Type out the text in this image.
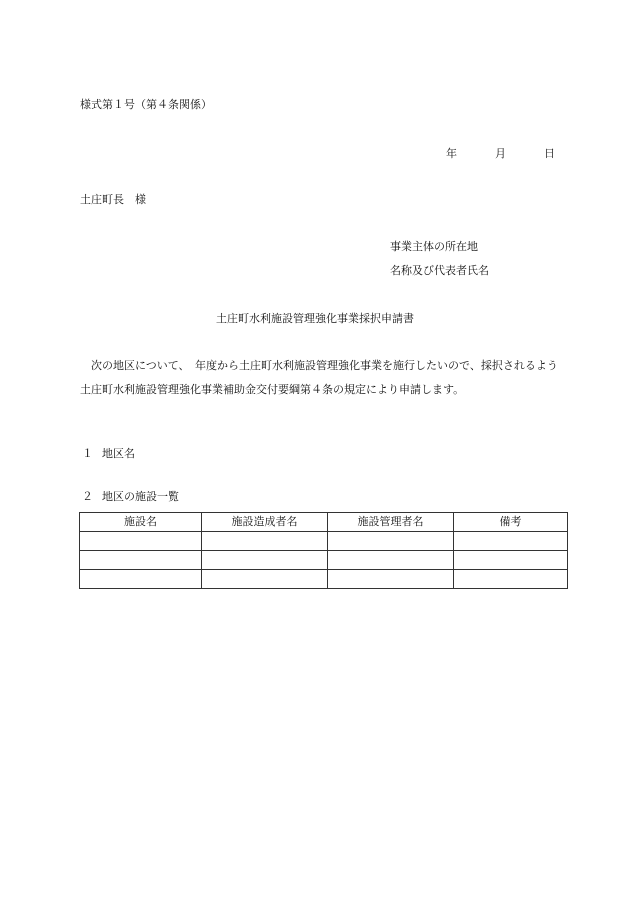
様式第１号（第４条関係）
年	月	日
土庄町長　様
事業主体の所在地
名称及び代表者氏名
土庄町水利施設管理強化事業採択申請書
　次の地区について、　年度から土庄町水利施設管理強化事業を施行したいので、採択されるよう土庄町水利施設管理強化事業補助金交付要綱第４条の規定により申請します。
１ 地区名
２ 地区の施設一覧
施設名	施設造成者名	施設管理者名	備考
